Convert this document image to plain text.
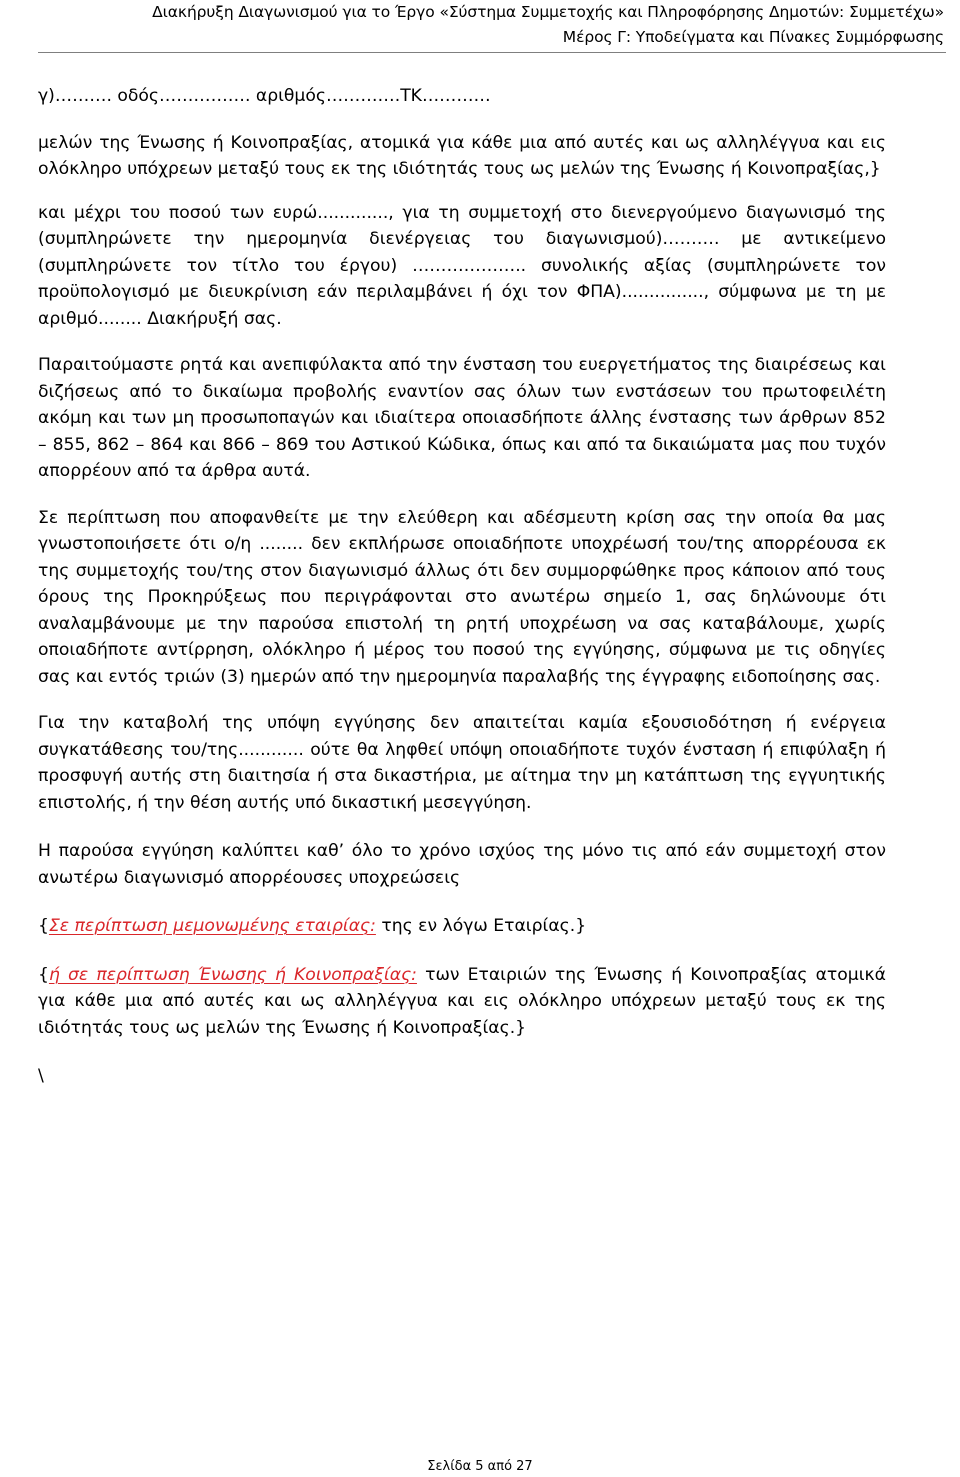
Διακήρυξη Διαγωνισμού για το Έργο «Σύστημα Συμμετοχής και Πληροφόρησης Δημοτών: Συμμετέχω»
Μέρος Γ: Υποδείγματα και Πίνακες Συμμόρφωσης

γ)………. οδός……………. αριθμός………….ΤΚ…………

μελών της Ένωσης ή Κοινοπραξίας, ατομικά για κάθε μια από αυτές και ως αλληλέγγυα και εις ολόκληρο υπόχρεων μεταξύ τους εκ της ιδιότητάς τους ως μελών της Ένωσης ή Κοινοπραξίας,}

και μέχρι του ποσού των ευρώ............., για τη συμμετοχή στο διενεργούμενο διαγωνισμό της (συμπληρώνετε την ημερομηνία διενέργειας του διαγωνισμού)………. με αντικείμενο (συμπληρώνετε τον τίτλο του έργου) ……………….. συνολικής αξίας (συμπληρώνετε τον προϋπολογισμό με διευκρίνιση εάν περιλαμβάνει ή όχι τον ΦΠΑ)..............., σύμφωνα με τη με αριθμό........ Διακήρυξή σας.

Παραιτούμαστε ρητά και ανεπιφύλακτα από την ένσταση του ευεργετήματος της διαιρέσεως και διζήσεως από το δικαίωμα προβολής εναντίον σας όλων των ενστάσεων του πρωτοφειλέτη ακόμη και των μη προσωποπαγών και ιδιαίτερα οποιασδήποτε άλλης ένστασης των άρθρων 852 – 855, 862 – 864 και 866 – 869 του Αστικού Κώδικα, όπως και από τα δικαιώματα μας που τυχόν απορρέουν από τα άρθρα αυτά.

Σε περίπτωση που αποφανθείτε με την ελεύθερη και αδέσμευτη κρίση σας την οποία θα μας γνωστοποιήσετε ότι ο/η ........ δεν εκπλήρωσε οποιαδήποτε υποχρέωσή του/της απορρέουσα εκ της συμμετοχής του/της στον διαγωνισμό άλλως ότι δεν συμμορφώθηκε προς κάποιον από τους όρους της Προκηρύξεως που περιγράφονται στο ανωτέρω σημείο 1, σας δηλώνουμε ότι αναλαμβάνουμε με την παρούσα επιστολή τη ρητή υποχρέωση να σας καταβάλουμε, χωρίς οποιαδήποτε αντίρρηση, ολόκληρο ή μέρος του ποσού της εγγύησης, σύμφωνα με τις οδηγίες σας και εντός τριών (3) ημερών από την ημερομηνία παραλαβής της έγγραφης ειδοποίησης σας.

Για την καταβολή της υπόψη εγγύησης δεν απαιτείται καμία εξουσιοδότηση ή ενέργεια συγκατάθεσης του/της............ ούτε θα ληφθεί υπόψη οποιαδήποτε τυχόν ένσταση ή επιφύλαξη ή προσφυγή αυτής στη διαιτησία ή στα δικαστήρια, με αίτημα την μη κατάπτωση της εγγυητικής επιστολής, ή την θέση αυτής υπό δικαστική μεσεγγύηση.

Η παρούσα εγγύηση καλύπτει καθ’ όλο το χρόνο ισχύος της μόνο τις από εάν συμμετοχή στον ανωτέρω διαγωνισμό απορρέουσες υποχρεώσεις

{Σε περίπτωση μεμονωμένης εταιρίας: της εν λόγω Εταιρίας.}

{ή σε περίπτωση Ένωσης ή Κοινοπραξίας: των Εταιριών της Ένωσης ή Κοινοπραξίας ατομικά για κάθε μια από αυτές και ως αλληλέγγυα και εις ολόκληρο υπόχρεων μεταξύ τους εκ της ιδιότητάς τους ως μελών της Ένωσης ή Κοινοπραξίας.}

\

Σελίδα 5 από 27
